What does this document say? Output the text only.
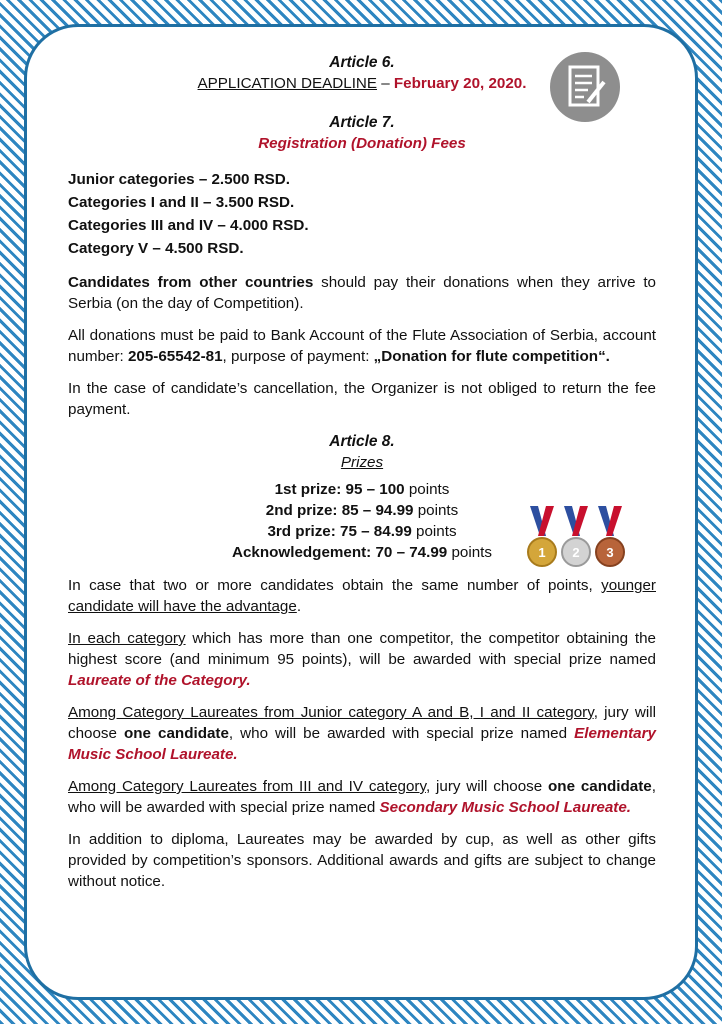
1 2 3
Article 6.
APPLICATION DEADLINE – February 20, 2020.
Article 7.
Registration (Donation) Fees
Junior categories – 2.500 RSD.
Categories I and II – 3.500 RSD.
Categories III and IV – 4.000 RSD.
Category V – 4.500 RSD.

Candidates from other countries should pay their donations when they arrive to Serbia (on the day of Competition).

All donations must be paid to Bank Account of the Flute Association of Serbia, account number: 205-65542-81, purpose of payment: „Donation for flute competition“.

In the case of candidate’s cancellation, the Organizer is not obliged to return the fee payment.

Article 8.
Prizes
1st prize: 95 – 100 points
2nd prize: 85 – 94.99 points
3rd prize: 75 – 84.99 points
Acknowledgement: 70 – 74.99 points

In case that two or more candidates obtain the same number of points, younger candidate will have the advantage.

In each category which has more than one competitor, the competitor obtaining the highest score (and minimum 95 points), will be awarded with special prize named Laureate of the Category.

Among Category Laureates from Junior category A and B, I and II category, jury will choose one candidate, who will be awarded with special prize named Elementary Music School Laureate.

Among Category Laureates from III and IV category, jury will choose one candidate, who will be awarded with special prize named Secondary Music School Laureate.

In addition to diploma, Laureates may be awarded by cup, as well as other gifts provided by competition’s sponsors. Additional awards and gifts are subject to change without notice.
